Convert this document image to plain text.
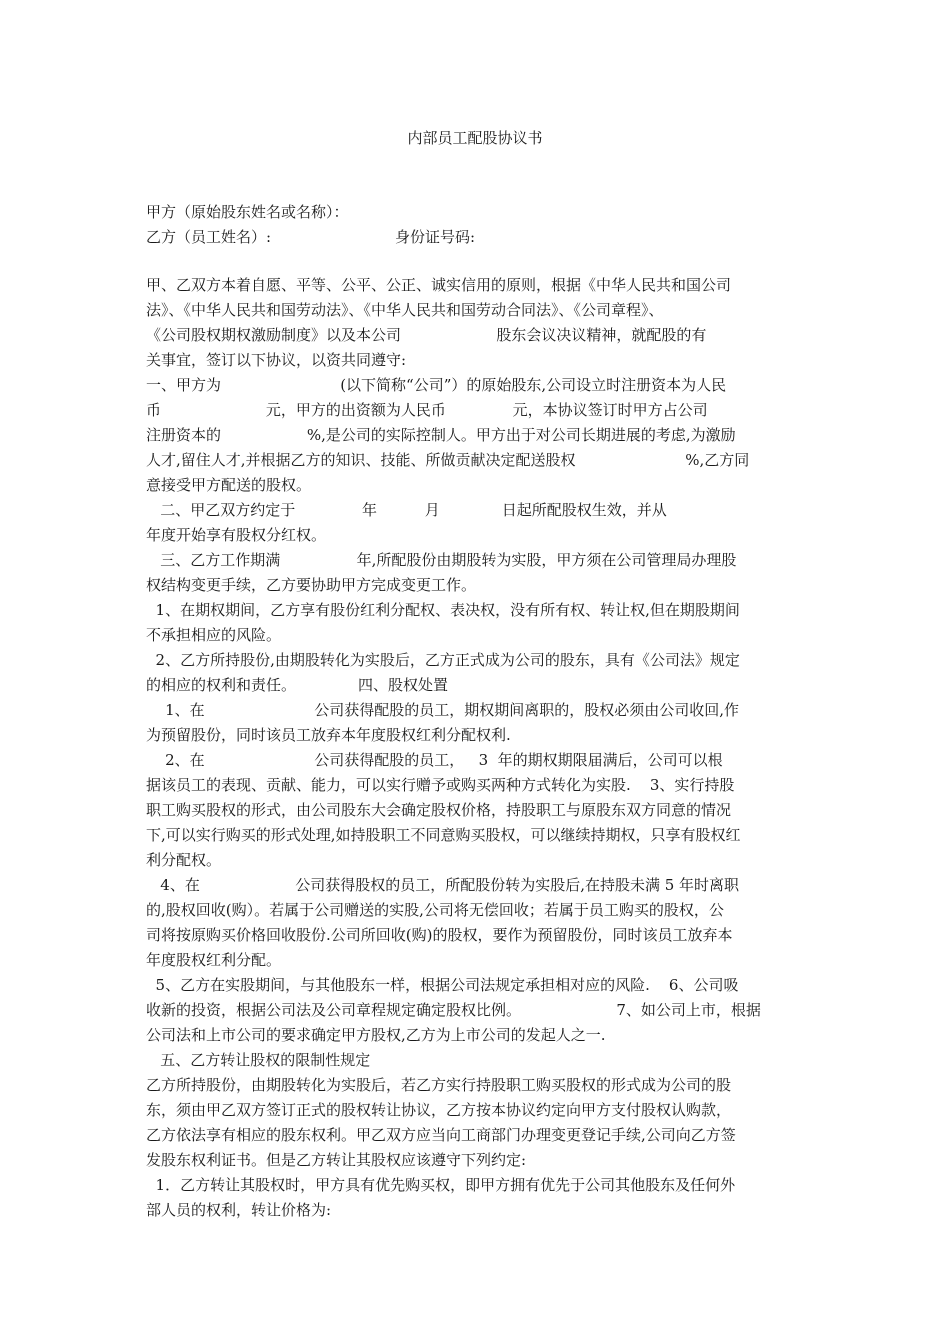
内部员工配股协议书
甲方（原始股东姓名或名称）：
乙方（员工姓名）:                          身份证号码:
甲、乙双方本着自愿、平等、公平、公正、诚实信用的原则，根据《中华人民共和国公司
法》、《中华人民共和国劳动法》、《中华人民共和国劳动合同法》、《公司章程》、
《公司股权期权激励制度》以及本公司                    股东会议决议精神，就配股的有
关事宜，签订以下协议，以资共同遵守:
一、甲方为                         (以下简称“公司”）的原始股东,公司设立时注册资本为人民
币                      元，甲方的出资额为人民币              元，本协议签订时甲方占公司
注册资本的                  %,是公司的实际控制人。甲方出于对公司长期进展的考虑,为激励
人才,留住人才,并根据乙方的知识、技能、所做贡献决定配送股权                       %,乙方同
意接受甲方配送的股权。
二、甲乙双方约定于              年          月             日起所配股权生效，并从
年度开始享有股权分红权。
三、乙方工作期满                年,所配股份由期股转为实股，甲方须在公司管理局办理股
权结构变更手续，乙方要协助甲方完成变更工作。
1、在期权期间，乙方享有股份红利分配权、表决权，没有所有权、转让权,但在期股期间
不承担相应的风险。
2、乙方所持股份,由期股转化为实股后，乙方正式成为公司的股东，具有《公司法》规定
的相应的权利和责任。             四、股权处置
1、在                       公司获得配股的员工，期权期间离职的，股权必须由公司收回,作
为预留股份，同时该员工放弃本年度股权红利分配权利.
2、在                       公司获得配股的员工，   3  年的期权期限届满后，公司可以根
据该员工的表现、贡献、能力，可以实行赠予或购买两种方式转化为实股.    3、实行持股
职工购买股权的形式，由公司股东大会确定股权价格，持股职工与原股东双方同意的情况
下,可以实行购买的形式处理,如持股职工不同意购买股权，可以继续持期权，只享有股权红
利分配权。
4、在                    公司获得股权的员工，所配股份转为实股后,在持股未满 5 年时离职
的,股权回收(购）。若属于公司赠送的实股,公司将无偿回收；若属于员工购买的股权，公
司将按原购买价格回收股份.公司所回收(购)的股权，要作为预留股份，同时该员工放弃本
年度股权红利分配。
5、乙方在实股期间，与其他股东一样，根据公司法规定承担相对应的风险.    6、公司吸
收新的投资，根据公司法及公司章程规定确定股权比例。                    7、如公司上市，根据
公司法和上市公司的要求确定甲方股权,乙方为上市公司的发起人之一.
五、乙方转让股权的限制性规定
乙方所持股份，由期股转化为实股后，若乙方实行持股职工购买股权的形式成为公司的股
东，须由甲乙双方签订正式的股权转让协议，乙方按本协议约定向甲方支付股权认购款，
乙方依法享有相应的股东权利。甲乙双方应当向工商部门办理变更登记手续,公司向乙方签
发股东权利证书。但是乙方转让其股权应该遵守下列约定:
1．乙方转让其股权时，甲方具有优先购买权，即甲方拥有优先于公司其他股东及任何外
部人员的权利，转让价格为:
